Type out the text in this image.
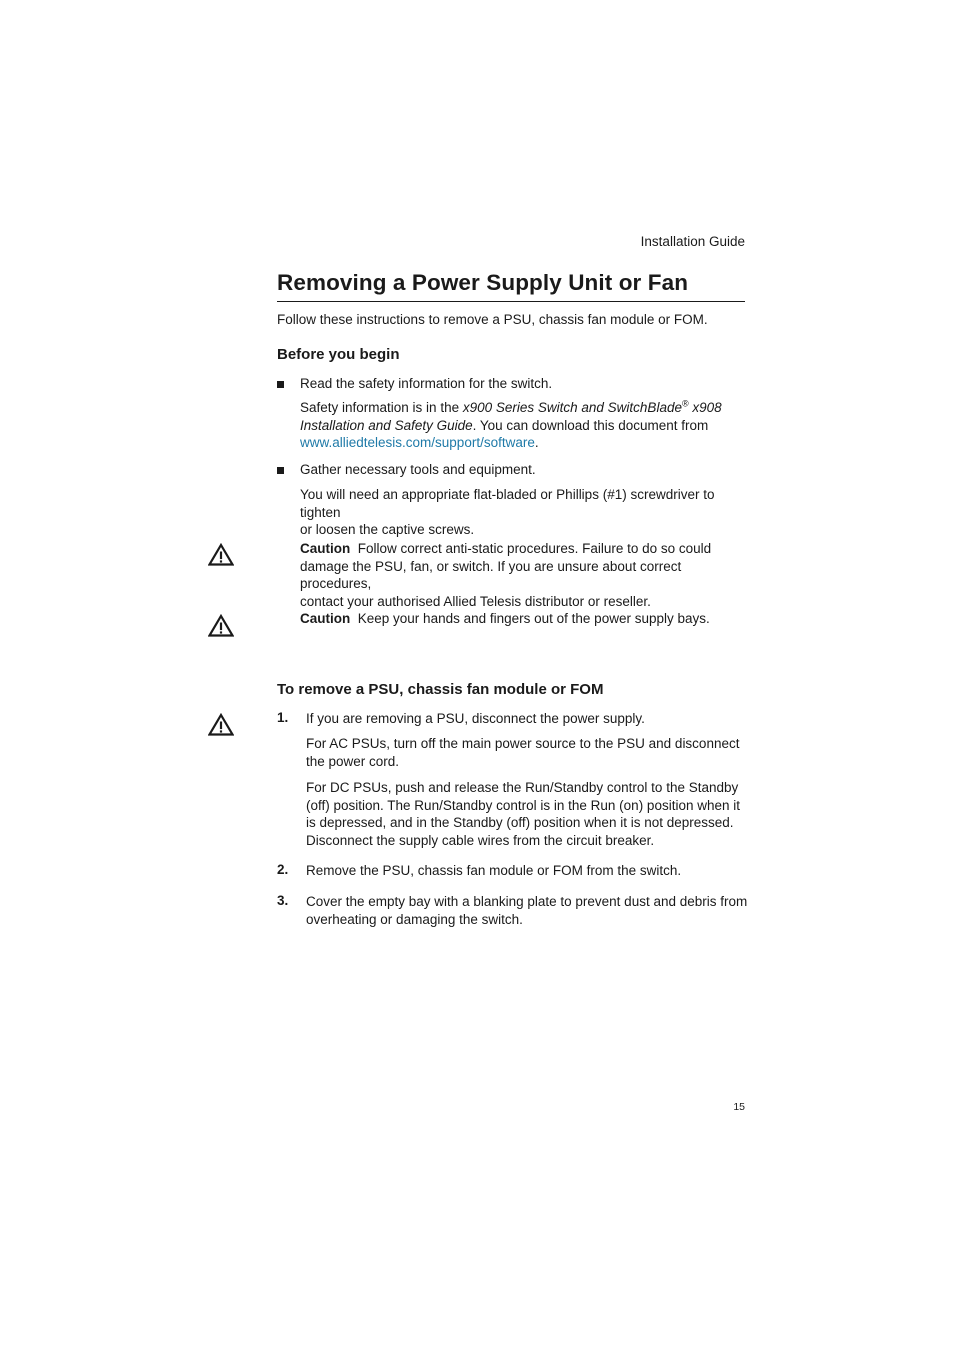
Installation Guide
Removing a Power Supply Unit or Fan
Follow these instructions to remove a PSU, chassis fan module or FOM.
Before you begin
Read the safety information for the switch.
Safety information is in the x900 Series Switch and SwitchBlade® x908
Installation and Safety Guide. You can download this document from
www.alliedtelesis.com/support/software.
Gather necessary tools and equipment.
You will need an appropriate flat-bladed or Phillips (#1) screwdriver to tighten
or loosen the captive screws.
Caution Follow correct anti-static procedures. Failure to do so could
damage the PSU, fan, or switch. If you are unsure about correct procedures,
contact your authorised Allied Telesis distributor or reseller.
Caution Keep your hands and fingers out of the power supply bays.
To remove a PSU, chassis fan module or FOM
1. If you are removing a PSU, disconnect the power supply.
For AC PSUs, turn off the main power source to the PSU and disconnect
the power cord.
For DC PSUs, push and release the Run/Standby control to the Standby
(off) position. The Run/Standby control is in the Run (on) position when it
is depressed, and in the Standby (off) position when it is not depressed.
Disconnect the supply cable wires from the circuit breaker.
2. Remove the PSU, chassis fan module or FOM from the switch.
3. Cover the empty bay with a blanking plate to prevent dust and debris from
overheating or damaging the switch.
15
